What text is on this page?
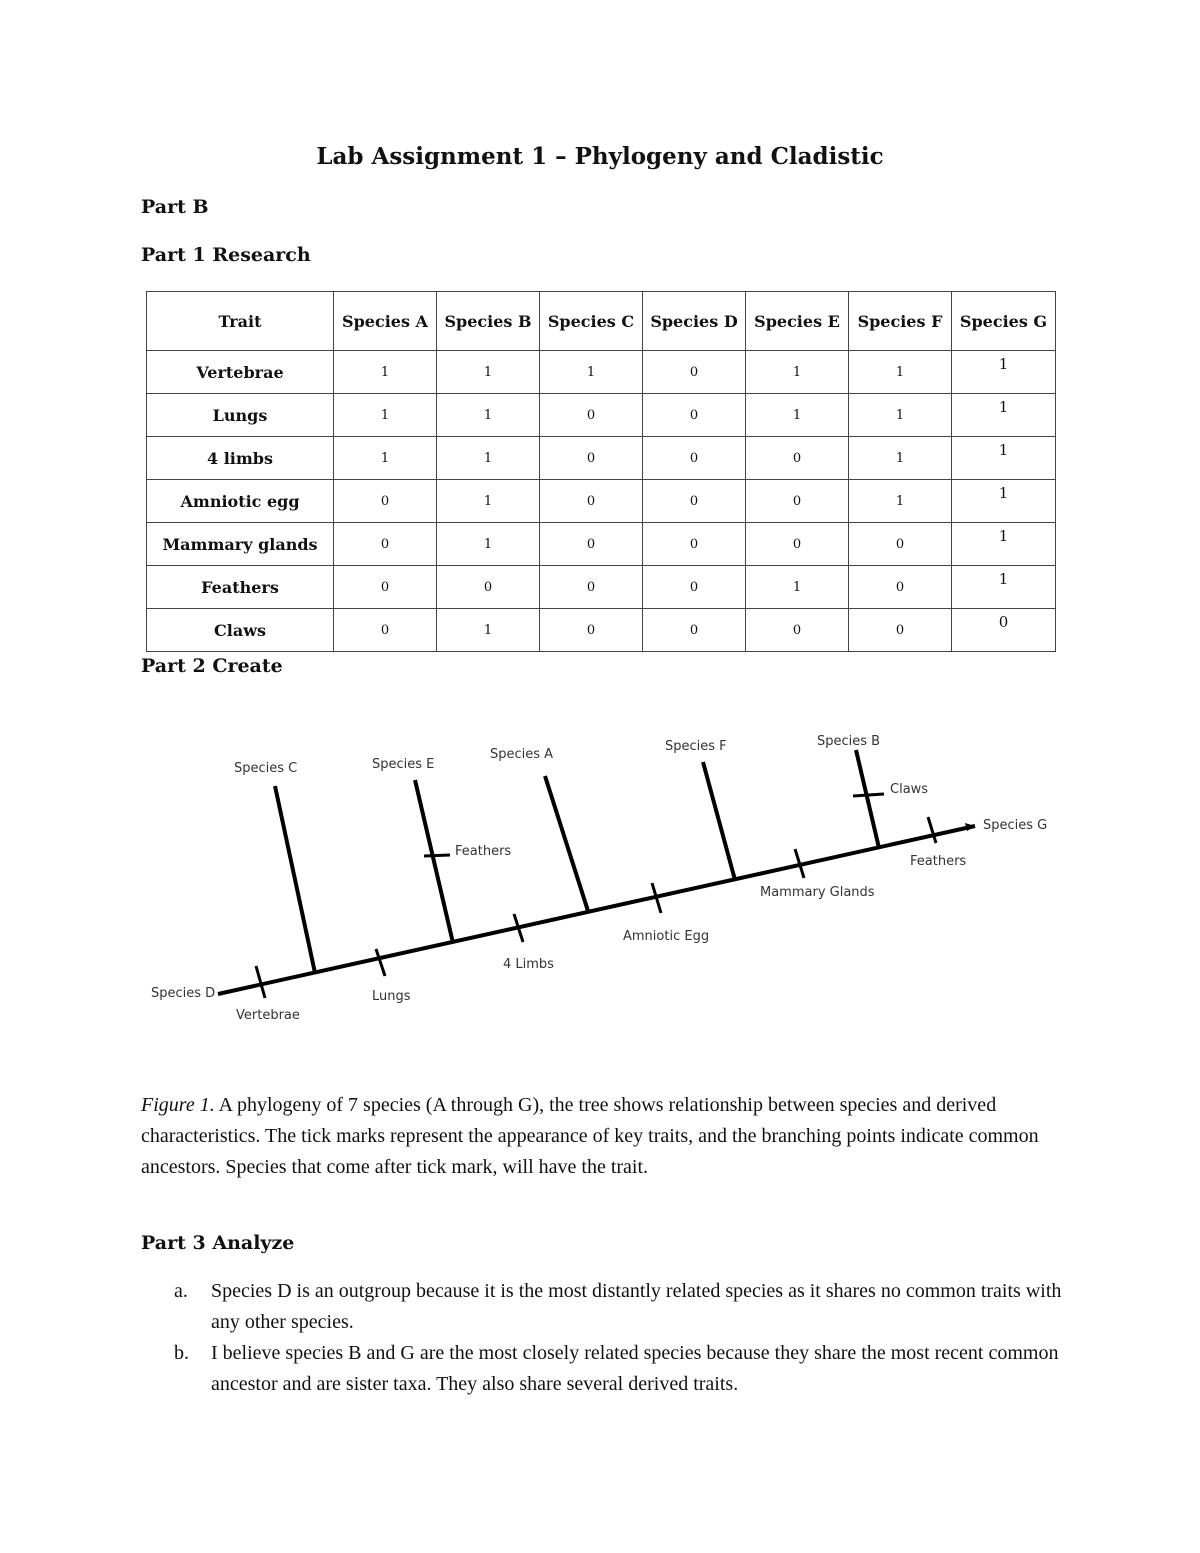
Lab Assignment 1 – Phylogeny and Cladistic
Part B
Part 1 Research
Trait	Species A	Species B	Species C	Species D	Species E	Species F	Species G
Vertebrae	1	1	1	0	1	1	1
Lungs	1	1	0	0	1	1	1
4 limbs	1	1	0	0	0	1	1
Amniotic egg	0	1	0	0	0	1	1
Mammary glands	0	1	0	0	0	0	1
Feathers	0	0	0	0	1	0	1
Claws	0	1	0	0	0	0	0
Part 2 Create
Species D
Species C	Species E
Species A
Species F	Species B
Species G
Vertebrae
Lungs
Feathers
4 Limbs
Amniotic Egg
Mammary Glands
Claws
Feathers
Figure 1. A phylogeny of 7 species (A through G), the tree shows relationship between species and derived characteristics. The tick marks represent the appearance of key traits, and the branching points indicate common ancestors. Species that come after tick mark, will have the trait.
Part 3 Analyze
a. Species D is an outgroup because it is the most distantly related species as it shares no common traits with any other species.
b. I believe species B and G are the most closely related species because they share the most recent common ancestor and are sister taxa. They also share several derived traits.
